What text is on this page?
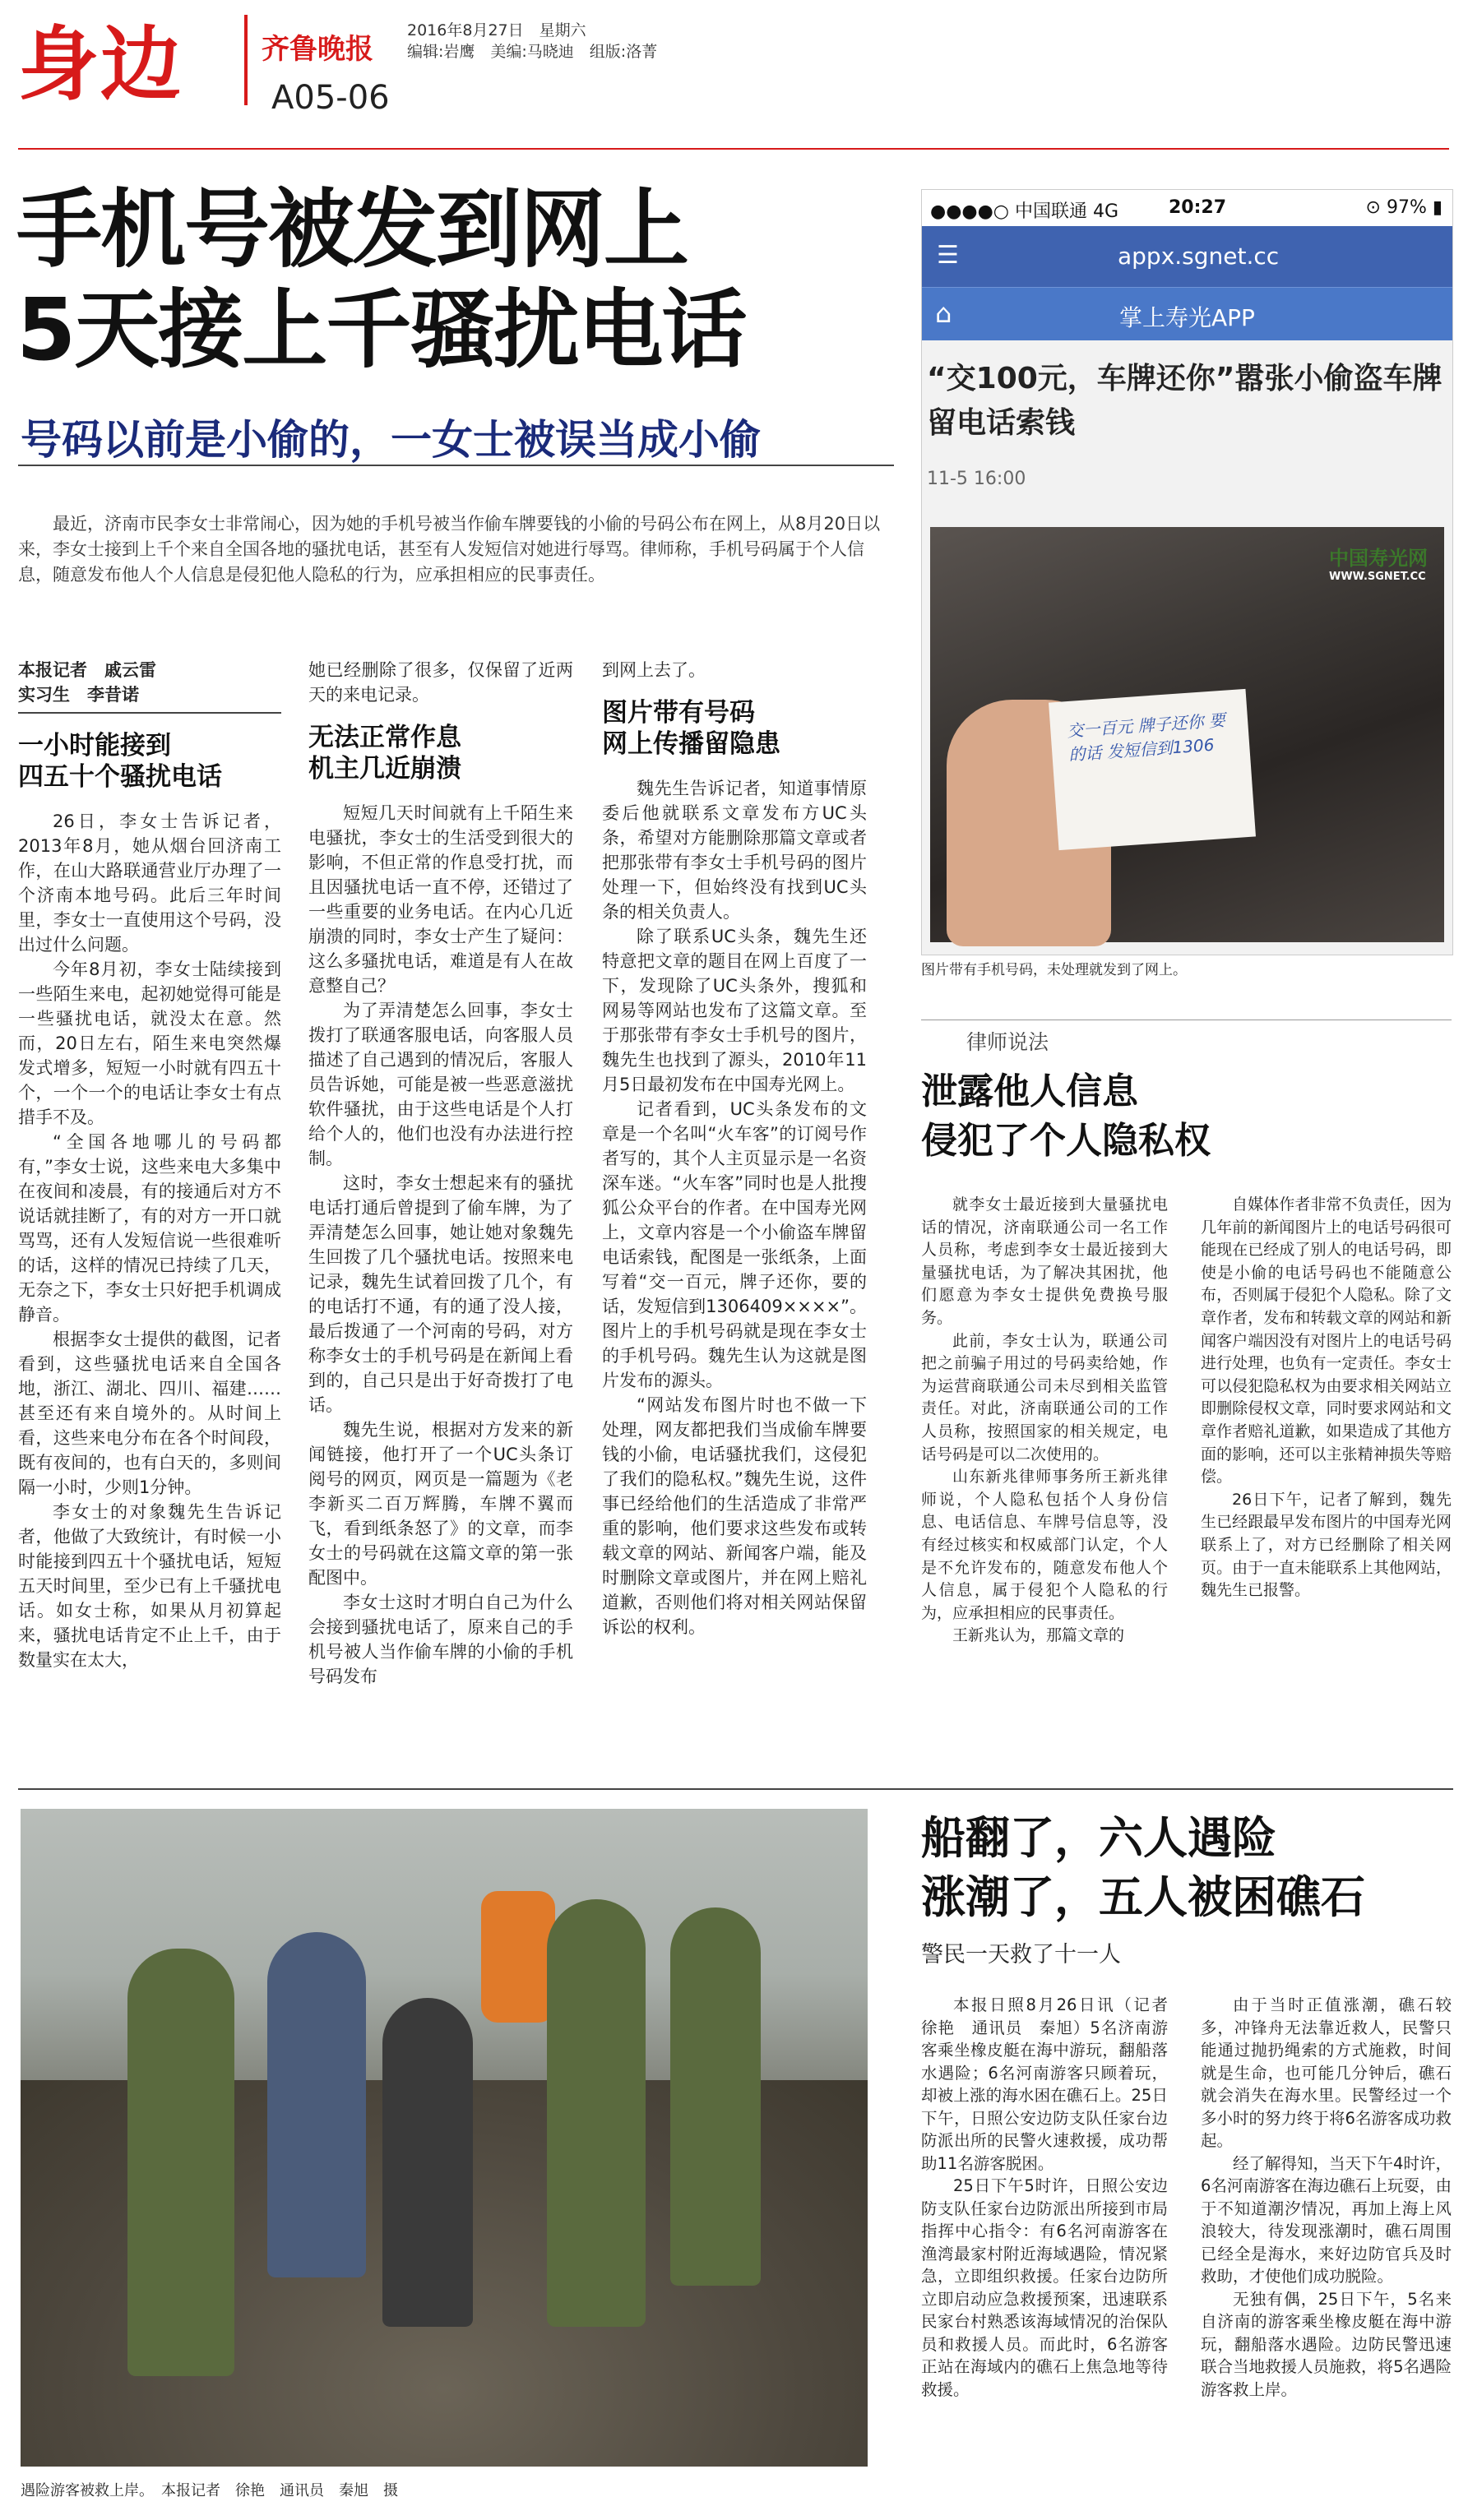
身边	齐鲁晚报
2016年8月27日　星期六
编辑:岩鹰　美编:马晓迪　组版:洛菁
A05-06
手机号被发到网上
5天接上千骚扰电话
号码以前是小偷的，一女士被误当成小偷
最近，济南市民李女士非常闹心，因为她的手机号被当作偷车牌要钱的小偷的号码公布在网上，从8月20日以来，李女士接到上千个来自全国各地的骚扰电话，甚至有人发短信对她进行辱骂。律师称，手机号码属于个人信息，随意发布他人个人信息是侵犯他人隐私的行为，应承担相应的民事责任。
本报记者　戚云雷
实习生　李昔诺
一小时能接到
四五十个骚扰电话

26日，李女士告诉记者，2013年8月，她从烟台回济南工作，在山大路联通营业厅办理了一个济南本地号码。此后三年时间里，李女士一直使用这个号码，没出过什么问题。

今年8月初，李女士陆续接到一些陌生来电，起初她觉得可能是一些骚扰电话，就没太在意。然而，20日左右，陌生来电突然爆发式增多，短短一小时就有四五十个，一个一个的电话让李女士有点措手不及。

“全国各地哪儿的号码都有，”李女士说，这些来电大多集中在夜间和凌晨，有的接通后对方不说话就挂断了，有的对方一开口就骂骂，还有人发短信说一些很难听的话，这样的情况已持续了几天，无奈之下，李女士只好把手机调成静音。

根据李女士提供的截图，记者看到，这些骚扰电话来自全国各地，浙江、湖北、四川、福建……甚至还有来自境外的。从时间上看，这些来电分布在各个时间段，既有夜间的，也有白天的，多则间隔一小时，少则1分钟。

李女士的对象魏先生告诉记者，他做了大致统计，有时候一小时能接到四五十个骚扰电话，短短五天时间里，至少已有上千骚扰电话。如女士称，如果从月初算起来，骚扰电话肯定不止上千，由于数量实在太大，

她已经删除了很多，仅保留了近两天的来电记录。

无法正常作息
机主几近崩溃

短短几天时间就有上千陌生来电骚扰，李女士的生活受到很大的影响，不但正常的作息受打扰，而且因骚扰电话一直不停，还错过了一些重要的业务电话。在内心几近崩溃的同时，李女士产生了疑问：这么多骚扰电话，难道是有人在故意整自己？

为了弄清楚怎么回事，李女士拨打了联通客服电话，向客服人员描述了自己遇到的情况后，客服人员告诉她，可能是被一些恶意滋扰软件骚扰，由于这些电话是个人打给个人的，他们也没有办法进行控制。

这时，李女士想起来有的骚扰电话打通后曾提到了偷车牌，为了弄清楚怎么回事，她让她对象魏先生回拨了几个骚扰电话。按照来电记录，魏先生试着回拨了几个，有的电话打不通，有的通了没人接，最后拨通了一个河南的号码，对方称李女士的手机号码是在新闻上看到的，自己只是出于好奇拨打了电话。

魏先生说，根据对方发来的新闻链接，他打开了一个UC头条订阅号的网页，网页是一篇题为《老李新买二百万辉腾，车牌不翼而飞，看到纸条怒了》的文章，而李女士的号码就在这篇文章的第一张配图中。

李女士这时才明白自己为什么会接到骚扰电话了，原来自己的手机号被人当作偷车牌的小偷的手机号码发布

到网上去了。

图片带有号码
网上传播留隐患

魏先生告诉记者，知道事情原委后他就联系文章发布方UC头条，希望对方能删除那篇文章或者把那张带有李女士手机号码的图片处理一下，但始终没有找到UC头条的相关负责人。

除了联系UC头条，魏先生还特意把文章的题目在网上百度了一下，发现除了UC头条外，搜狐和网易等网站也发布了这篇文章。至于那张带有李女士手机号的图片，魏先生也找到了源头，2010年11月5日最初发布在中国寿光网上。

记者看到，UC头条发布的文章是一个名叫“火车客”的订阅号作者写的，其个人主页显示是一名资深车迷。“火车客”同时也是人批搜狐公众平台的作者。在中国寿光网上，文章内容是一个小偷盗车牌留电话索钱，配图是一张纸条，上面写着“交一百元，牌子还你，要的话，发短信到1306409××××”。图片上的手机号码就是现在李女士的手机号码。魏先生认为这就是图片发布的源头。

“网站发布图片时也不做一下处理，网友都把我们当成偷车牌要钱的小偷，电话骚扰我们，这侵犯了我们的隐私权。”魏先生说，这件事已经给他们的生活造成了非常严重的影响，他们要求这些发布或转载文章的网站、新闻客户端，能及时删除文章或图片，并在网上赔礼道歉，否则他们将对相关网站保留诉讼的权利。

●●●●○ 中国联通 4G	20:27	⊙ 97% ▮
☰	appx.sgnet.cc
⌂	掌上寿光APP
“交100元，车牌还你”嚣张小偷盗车牌留电话索钱
11-5 16:00
中国寿光网
WWW.SGNET.CC
交一百元 牌子还你 要的话 发短信到1306
图片带有手机号码，未处理就发到了网上。
律师说法
泄露他人信息
侵犯了个人隐私权

就李女士最近接到大量骚扰电话的情况，济南联通公司一名工作人员称，考虑到李女士最近接到大量骚扰电话，为了解决其困扰，他们愿意为李女士提供免费换号服务。

此前，李女士认为，联通公司把之前骗子用过的号码卖给她，作为运营商联通公司未尽到相关监管责任。对此，济南联通公司的工作人员称，按照国家的相关规定，电话号码是可以二次使用的。

山东新兆律师事务所王新兆律师说，个人隐私包括个人身份信息、电话信息、车牌号信息等，没有经过核实和权威部门认定，个人是不允许发布的，随意发布他人个人信息，属于侵犯个人隐私的行为，应承担相应的民事责任。

王新兆认为，那篇文章的

自媒体作者非常不负责任，因为几年前的新闻图片上的电话号码很可能现在已经成了别人的电话号码，即使是小偷的电话号码也不能随意公布，否则属于侵犯个人隐私。除了文章作者，发布和转载文章的网站和新闻客户端因没有对图片上的电话号码进行处理，也负有一定责任。李女士可以侵犯隐私权为由要求相关网站立即删除侵权文章，同时要求网站和文章作者赔礼道歉，如果造成了其他方面的影响，还可以主张精神损失等赔偿。

26日下午，记者了解到，魏先生已经跟最早发布图片的中国寿光网联系上了，对方已经删除了相关网页。由于一直未能联系上其他网站，魏先生已报警。

遇险游客被救上岸。　本报记者　徐艳　通讯员　秦旭　摄
船翻了，六人遇险
涨潮了，五人被困礁石
警民一天救了十一人

本报日照8月26日讯（记者　徐艳　通讯员　秦旭）5名济南游客乘坐橡皮艇在海中游玩，翻船落水遇险；6名河南游客只顾着玩，却被上涨的海水困在礁石上。25日下午，日照公安边防支队任家台边防派出所的民警火速救援，成功帮助11名游客脱困。

25日下午5时许，日照公安边防支队任家台边防派出所接到市局指挥中心指令：有6名河南游客在渔湾最家村附近海域遇险，情况紧急，立即组织救援。任家台边防所立即启动应急救援预案，迅速联系民家台村熟悉该海域情况的治保队员和救援人员。而此时，6名游客正站在海域内的礁石上焦急地等待救援。

由于当时正值涨潮，礁石较多，冲锋舟无法靠近救人，民警只能通过抛扔绳索的方式施救，时间就是生命，也可能几分钟后，礁石就会消失在海水里。民警经过一个多小时的努力终于将6名游客成功救起。

经了解得知，当天下午4时许，6名河南游客在海边礁石上玩耍，由于不知道潮汐情况，再加上海上风浪较大，待发现涨潮时，礁石周围已经全是海水，来好边防官兵及时救助，才使他们成功脱险。

无独有偶，25日下午，5名来自济南的游客乘坐橡皮艇在海中游玩，翻船落水遇险。边防民警迅速联合当地救援人员施救，将5名遇险游客救上岸。
